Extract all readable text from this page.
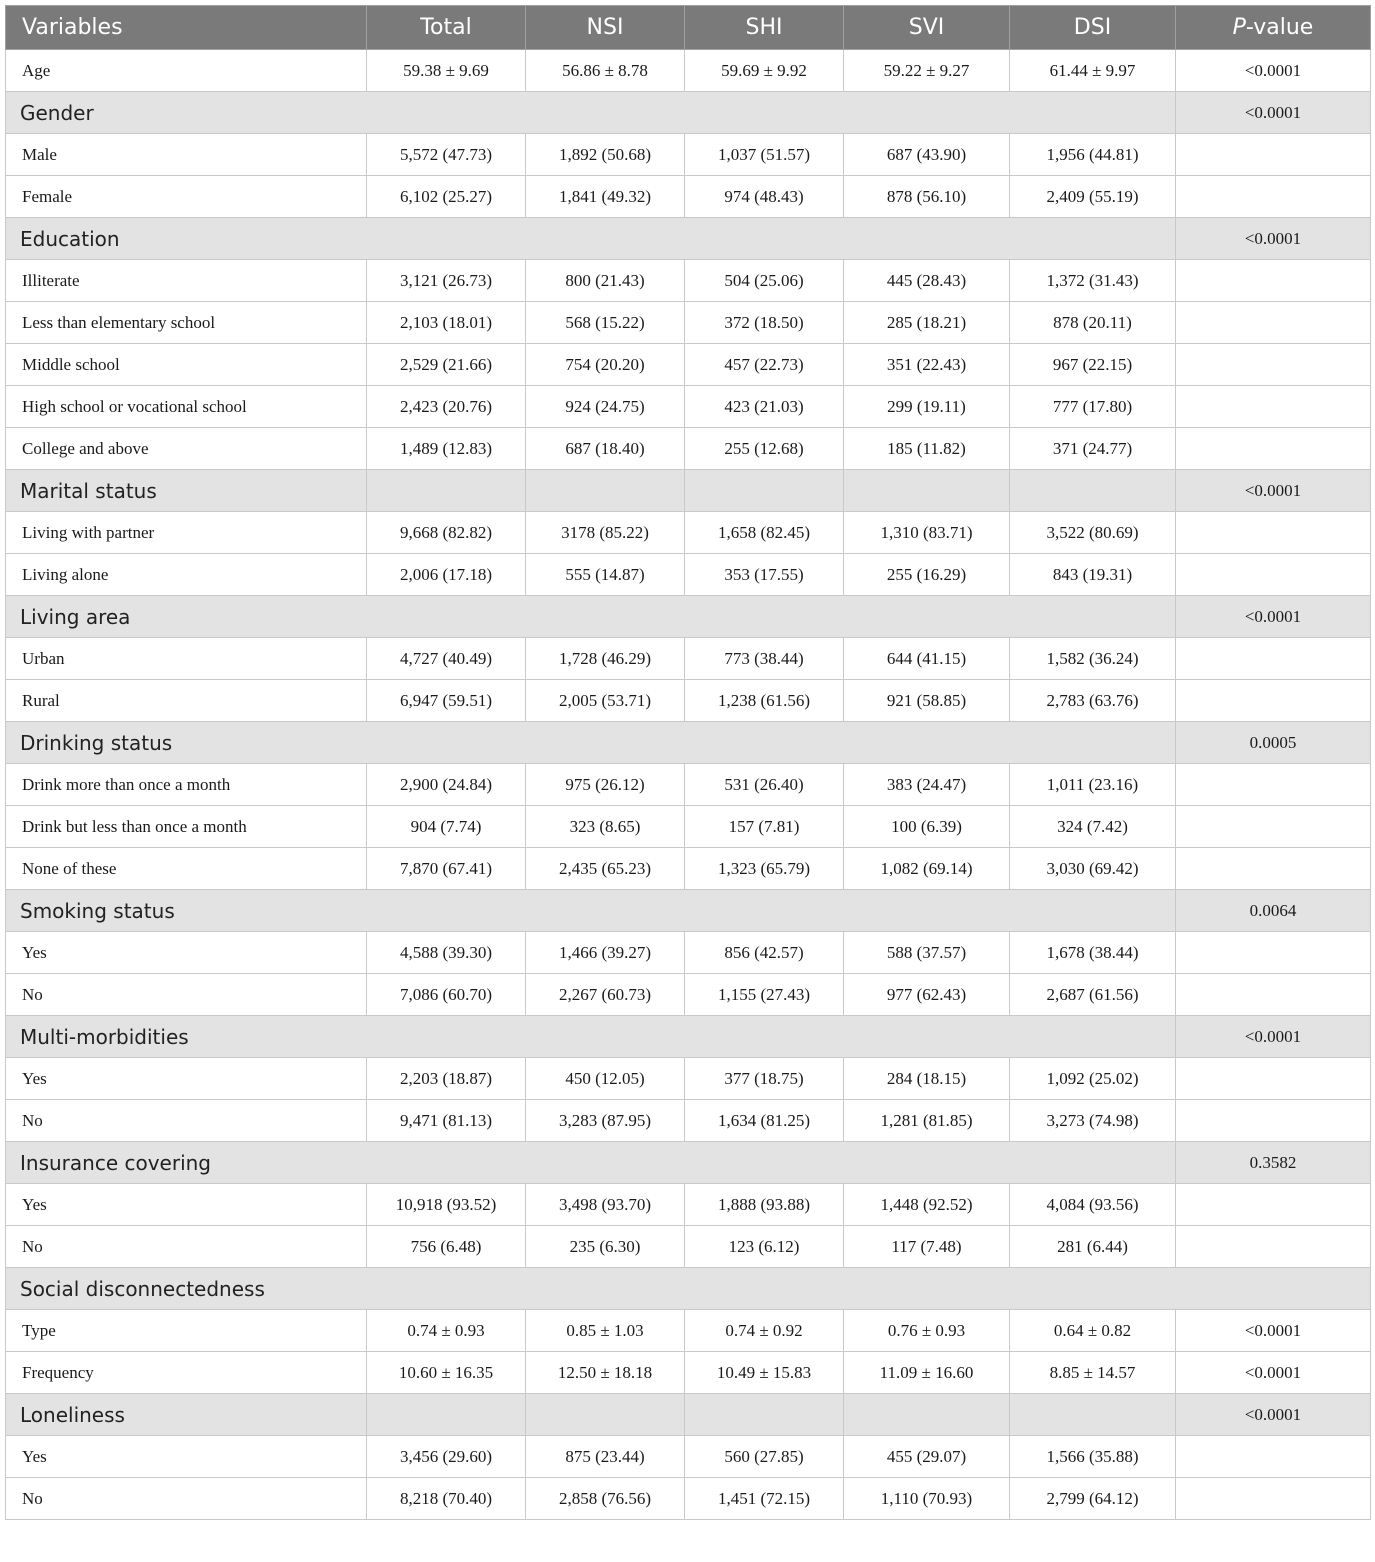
Variables	Total	NSI	SHI	SVI	DSI	P-value
Age	59.38 ± 9.69	56.86 ± 8.78	59.69 ± 9.92	59.22 ± 9.27	61.44 ± 9.97	<0.0001
Gender						<0.0001
Male	5,572 (47.73)	1,892 (50.68)	1,037 (51.57)	687 (43.90)	1,956 (44.81)	
Female	6,102 (25.27)	1,841 (49.32)	974 (48.43)	878 (56.10)	2,409 (55.19)	
Education						<0.0001
Illiterate	3,121 (26.73)	800 (21.43)	504 (25.06)	445 (28.43)	1,372 (31.43)	
Less than elementary school	2,103 (18.01)	568 (15.22)	372 (18.50)	285 (18.21)	878 (20.11)	
Middle school	2,529 (21.66)	754 (20.20)	457 (22.73)	351 (22.43)	967 (22.15)	
High school or vocational school	2,423 (20.76)	924 (24.75)	423 (21.03)	299 (19.11)	777 (17.80)	
College and above	1,489 (12.83)	687 (18.40)	255 (12.68)	185 (11.82)	371 (24.77)	
Marital status						<0.0001
Living with partner	9,668 (82.82)	3178 (85.22)	1,658 (82.45)	1,310 (83.71)	3,522 (80.69)	
Living alone	2,006 (17.18)	555 (14.87)	353 (17.55)	255 (16.29)	843 (19.31)	
Living area						<0.0001
Urban	4,727 (40.49)	1,728 (46.29)	773 (38.44)	644 (41.15)	1,582 (36.24)	
Rural	6,947 (59.51)	2,005 (53.71)	1,238 (61.56)	921 (58.85)	2,783 (63.76)	
Drinking status						0.0005
Drink more than once a month	2,900 (24.84)	975 (26.12)	531 (26.40)	383 (24.47)	1,011 (23.16)	
Drink but less than once a month	904 (7.74)	323 (8.65)	157 (7.81)	100 (6.39)	324 (7.42)	
None of these	7,870 (67.41)	2,435 (65.23)	1,323 (65.79)	1,082 (69.14)	3,030 (69.42)	
Smoking status						0.0064
Yes	4,588 (39.30)	1,466 (39.27)	856 (42.57)	588 (37.57)	1,678 (38.44)	
No	7,086 (60.70)	2,267 (60.73)	1,155 (27.43)	977 (62.43)	2,687 (61.56)	
Multi-morbidities						<0.0001
Yes	2,203 (18.87)	450 (12.05)	377 (18.75)	284 (18.15)	1,092 (25.02)	
No	9,471 (81.13)	3,283 (87.95)	1,634 (81.25)	1,281 (81.85)	3,273 (74.98)	
Insurance covering						0.3582
Yes	10,918 (93.52)	3,498 (93.70)	1,888 (93.88)	1,448 (92.52)	4,084 (93.56)	
No	756 (6.48)	235 (6.30)	123 (6.12)	117 (7.48)	281 (6.44)	
Social disconnectedness						
Type	0.74 ± 0.93	0.85 ± 1.03	0.74 ± 0.92	0.76 ± 0.93	0.64 ± 0.82	<0.0001
Frequency	10.60 ± 16.35	12.50 ± 18.18	10.49 ± 15.83	11.09 ± 16.60	8.85 ± 14.57	<0.0001
Loneliness						<0.0001
Yes	3,456 (29.60)	875 (23.44)	560 (27.85)	455 (29.07)	1,566 (35.88)	
No	8,218 (70.40)	2,858 (76.56)	1,451 (72.15)	1,110 (70.93)	2,799 (64.12)	
